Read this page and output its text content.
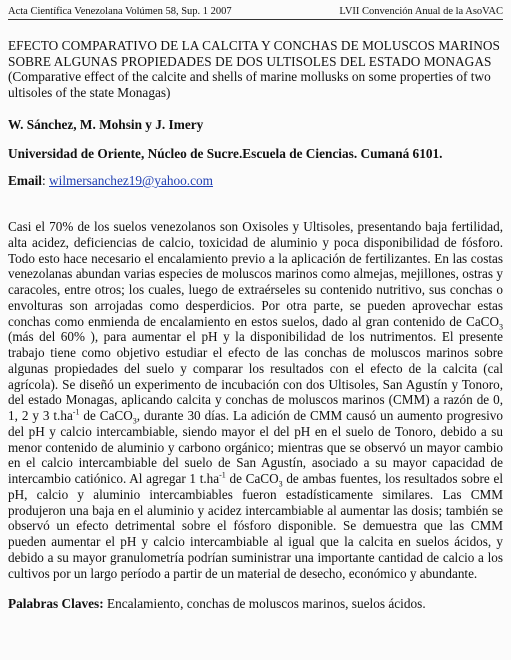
Acta Científica Venezolana Volúmen 58, Sup. 1 2007	LVII Convención Anual de la AsoVAC
EFECTO COMPARATIVO DE LA CALCITA Y CONCHAS DE MOLUSCOS MARINOS SOBRE ALGUNAS PROPIEDADES DE DOS ULTISOLES DEL ESTADO MONAGAS
(Comparative effect of the calcite and shells of marine mollusks on some properties of two ultisoles of the state Monagas)
W. Sánchez, M. Mohsin y J. Imery
Universidad de Oriente, Núcleo de Sucre.Escuela de Ciencias. Cumaná 6101.
Email: wilmersanchez19@yahoo.com

Casi el 70% de los suelos venezolanos son Oxisoles y Ultisoles, presentando baja fertilidad, alta acidez, deficiencias de calcio, toxicidad de aluminio y poca disponibilidad de fósforo. Todo esto hace necesario el encalamiento previo a la aplicación de fertilizantes. En las costas venezolanas abundan varias especies de moluscos marinos como almejas, mejillones, ostras y caracoles, entre otros; los cuales, luego de extraérseles su contenido nutritivo, sus conchas o envolturas son arrojadas como desperdicios. Por otra parte, se pueden aprovechar estas conchas como enmienda de encalamiento en estos suelos, dado al gran contenido de CaCO$_3$ (más del 60% ), para aumentar el pH y la disponibilidad de los nutrimentos. El presente trabajo tiene como objetivo estudiar el efecto de las conchas de moluscos marinos sobre algunas propiedades del suelo y comparar los resultados con el efecto de la calcita (cal agrícola). Se diseñó un experimento de incubación con dos Ultisoles, San Agustín y Tonoro, del estado Monagas, aplicando calcita y conchas de moluscos marinos (CMM) a razón de 0, 1, 2 y 3 $t.ha^{-1}$ de CaCO$_3$, durante 30 días. La adición de CMM causó un aumento progresivo del pH y calcio intercambiable, siendo mayor el del pH en el suelo de Tonoro, debido a su menor contenido de aluminio y carbono orgánico; mientras que se observó un mayor cambio en el calcio intercambiable del suelo de San Agustín, asociado a su mayor capacidad de intercambio catiónico. Al agregar 1 $t.ha^{-1}$ de CaCO$_3$ de ambas fuentes, los resultados sobre el pH, calcio y aluminio intercambiables fueron estadísticamente similares. Las CMM produjeron una baja en el aluminio y acidez intercambiable al aumentar las dosis; también se observó un efecto detrimental sobre el fósforo disponible. Se demuestra que las CMM pueden aumentar el pH y calcio intercambiable al igual que la calcita en suelos ácidos, y debido a su mayor granulometría podrían suministrar una importante cantidad de calcio a los cultivos por un largo período a partir de un material de desecho, económico y abundante.

Palabras Claves: Encalamiento, conchas de moluscos marinos, suelos ácidos.
